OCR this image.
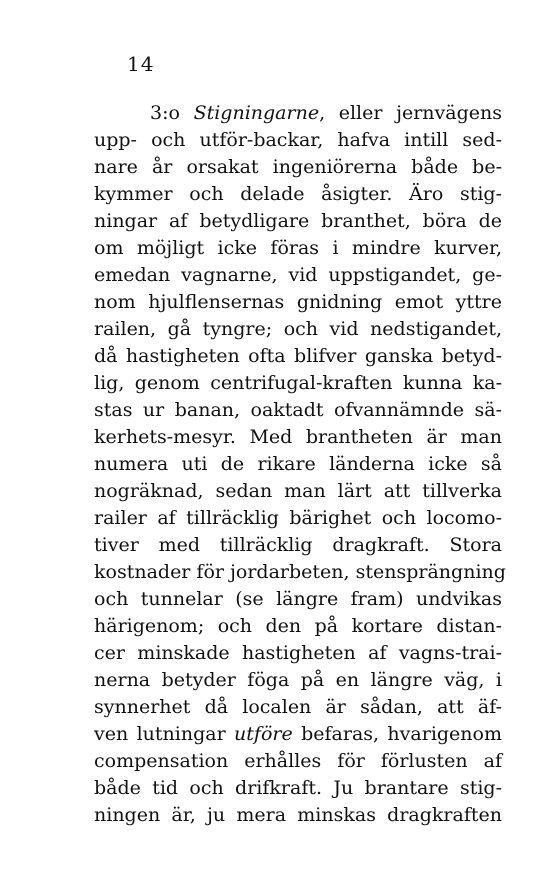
14
3:o Stigningarne, eller jernvägens
upp- och utför-backar, hafva intill sed-
nare år orsakat ingeniörerna både be-
kymmer och delade åsigter. Äro stig-
ningar af betydligare branthet, böra de
om möjligt icke föras i mindre kurver,
emedan vagnarne, vid uppstigandet, ge-
nom hjulflensernas gnidning emot yttre
railen, gå tyngre; och vid nedstigandet,
då hastigheten ofta blifver ganska betyd-
lig, genom centrifugal-kraften kunna ka-
stas ur banan, oaktadt ofvannämnde sä-
kerhets-mesyr. Med brantheten är man
numera uti de rikare länderna icke så
nogräknad, sedan man lärt att tillverka
railer af tillräcklig bärighet och locomo-
tiver med tillräcklig dragkraft. Stora
kostnader för jordarbeten, stensprängning
och tunnelar (se längre fram) undvikas
härigenom; och den på kortare distan-
cer minskade hastigheten af vagns-trai-
nerna betyder föga på en längre väg, i
synnerhet då localen är sådan, att äf-
ven lutningar utföre befaras, hvarigenom
compensation erhålles för förlusten af
både tid och drifkraft. Ju brantare stig-
ningen är, ju mera minskas dragkraften
